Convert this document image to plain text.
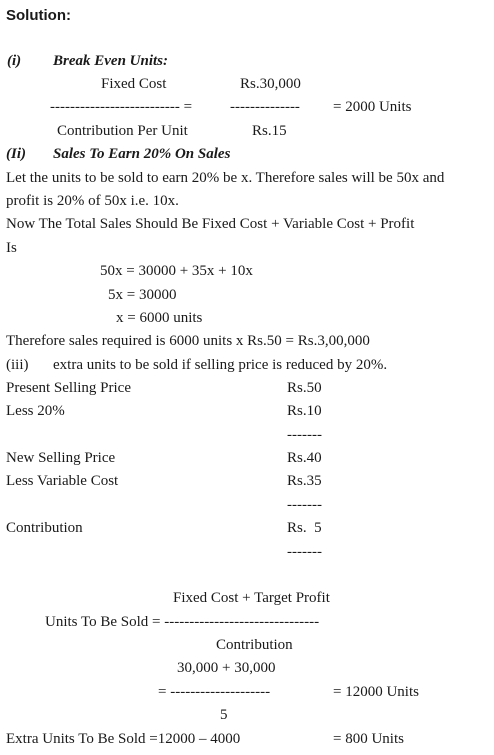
Solution:
(i) Break Even Units:
Fixed Cost	Rs.30,000
-------------------------- =	-------------- = 2000 Units
Contribution Per Unit	Rs.15
(Ii) Sales To Earn 20% On Sales
Let the units to be sold to earn 20% be x. Therefore sales will be 50x and
profit is 20% of 50x i.e. 10x.
Now The Total Sales Should Be Fixed Cost + Variable Cost + Profit
Is
50x = 30000 + 35x + 10x
5x = 30000
x = 6000 units
Therefore sales required is 6000 units x Rs.50 = Rs.3,00,000
(iii) extra units to be sold if selling price is reduced by 20%.
Present Selling Price	Rs.50
Less 20%	Rs.10
-------
New Selling Price	Rs.40
Less Variable Cost	Rs.35
-------
Contribution	Rs.  5
-------
Fixed Cost + Target Profit
Units To Be Sold = -------------------------------
Contribution
30,000 + 30,000
= --------------------	= 12000 Units
5
Extra Units To Be Sold =12000 – 4000	= 800 Units
